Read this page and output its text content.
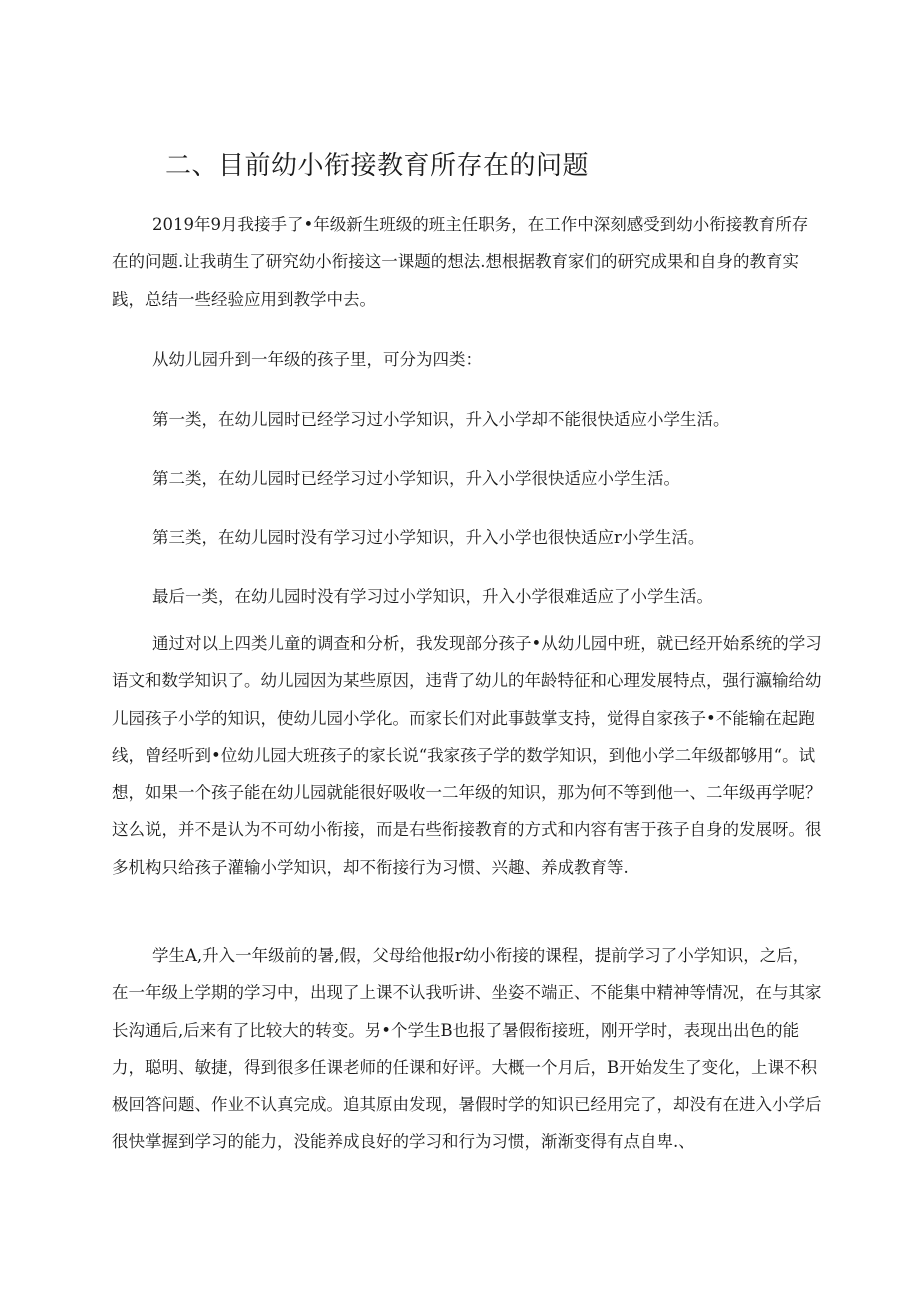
二、目前幼小衔接教育所存在的问题

2019年9月我接手了•年级新生班级的班主任职务，在工作中深刻感受到幼小衔接教育所存在的问题.让我萌生了研究幼小衔接这一课题的想法.想根据教育家们的研究成果和自身的教育实践，总结一些经验应用到教学中去。

从幼儿园升到一年级的孩子里，可分为四类：

第一类，在幼儿园时已经学习过小学知识，升入小学却不能很快适应小学生活。

第二类，在幼儿园时已经学习过小学知识，升入小学很快适应小学生活。

第三类，在幼儿园时没有学习过小学知识，升入小学也很快适应r小学生活。

最后一类，在幼儿园时没有学习过小学知识，升入小学很难适应了小学生活。

通过对以上四类儿童的调查和分析，我发现部分孩子•从幼儿园中班，就已经开始系统的学习语文和数学知识了。幼儿园因为某些原因，违背了幼儿的年龄特征和心理发展特点，强行瀛输给幼儿园孩子小学的知识，使幼儿园小学化。而家长们对此事鼓掌支持，觉得自家孩子•不能输在起跑线，曾经听到•位幼儿园大班孩子的家长说“我家孩子学的数学知识，到他小学二年级都够用“。试想，如果一个孩子能在幼儿园就能很好吸收一二年级的知识，那为何不等到他一、二年级再学呢？这么说，并不是认为不可幼小衔接，而是右些衔接教育的方式和内容有害于孩子自身的发展呀。很多机构只给孩子灌输小学知识，却不衔接行为习惯、兴趣、养成教育等.

学生A,升入一年级前的暑,假，父母给他报r幼小衔接的课程，提前学习了小学知识，之后，在一年级上学期的学习中，出现了上课不认我听讲、坐姿不端正、不能集中精神等情况，在与其家长沟通后,后来有了比较大的转变。另•个学生B也报了暑假衔接班，刚开学时，表现出出色的能力，聪明、敏捷，得到很多任课老师的任课和好评。大概一个月后，B开始发生了变化，上课不积极回答问题、作业不认真完成。追其原由发现，暑假时学的知识已经用完了，却没有在进入小学后很快掌握到学习的能力，没能养成良好的学习和行为习惯，渐渐变得有点自卑.、
